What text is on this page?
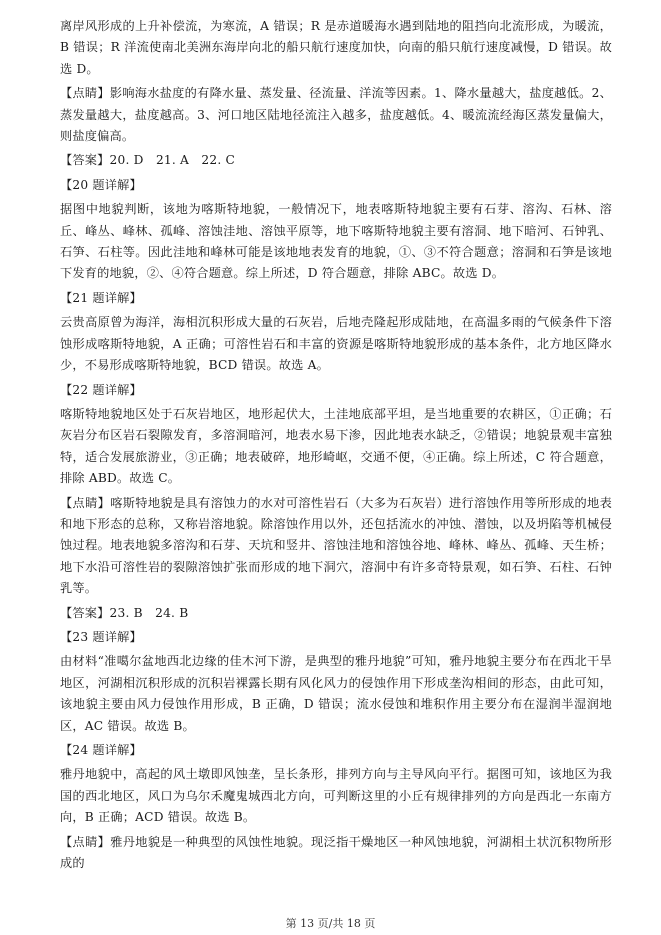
离岸风形成的上升补偿流，为寒流，A 错误；R 是赤道暖海水遇到陆地的阻挡向北流形成，为暖流，B 错误；R 洋流使南北美洲东海岸向北的船只航行速度加快，向南的船只航行速度减慢，D 错误。故选 D。

【点睛】影响海水盐度的有降水量、蒸发量、径流量、洋流等因素。1、降水量越大，盐度越低。2、蒸发量越大，盐度越高。3、河口地区陆地径流注入越多，盐度越低。4、暖流流经海区蒸发量偏大，则盐度偏高。

【答案】20. D　21. A　22. C

【20 题详解】

据图中地貌判断，该地为喀斯特地貌，一般情况下，地表喀斯特地貌主要有石芽、溶沟、石林、溶丘、峰丛、峰林、孤峰、溶蚀洼地、溶蚀平原等，地下喀斯特地貌主要有溶洞、地下暗河、石钟乳、石笋、石柱等。因此洼地和峰林可能是该地地表发育的地貌，①、③不符合题意；溶洞和石笋是该地下发育的地貌，②、④符合题意。综上所述，D 符合题意，排除 ABC。故选 D。

【21 题详解】

云贵高原曾为海洋，海相沉积形成大量的石灰岩，后地壳隆起形成陆地，在高温多雨的气候条件下溶蚀形成喀斯特地貌，A 正确；可溶性岩石和丰富的资源是喀斯特地貌形成的基本条件，北方地区降水少，不易形成喀斯特地貌，BCD 错误。故选 A。

【22 题详解】

喀斯特地貌地区处于石灰岩地区，地形起伏大，土洼地底部平坦，是当地重要的农耕区，①正确；石灰岩分布区岩石裂隙发育，多溶洞暗河，地表水易下渗，因此地表水缺乏，②错误；地貌景观丰富独特，适合发展旅游业，③正确；地表破碎，地形崎岖，交通不便，④正确。综上所述，C 符合题意，排除 ABD。故选 C。

【点睛】喀斯特地貌是具有溶蚀力的水对可溶性岩石（大多为石灰岩）进行溶蚀作用等所形成的地表和地下形态的总称，又称岩溶地貌。除溶蚀作用以外，还包括流水的冲蚀、潜蚀，以及坍陷等机械侵蚀过程。地表地貌多溶沟和石芽、天坑和竖井、溶蚀洼地和溶蚀谷地、峰林、峰丛、孤峰、天生桥；地下水沿可溶性岩的裂隙溶蚀扩张而形成的地下洞穴，溶洞中有许多奇特景观，如石笋、石柱、石钟乳等。

【答案】23. B　24. B

【23 题详解】

由材料“准噶尔盆地西北边缘的佳木河下游，是典型的雅丹地貌”可知，雅丹地貌主要分布在西北干旱地区，河湖相沉积形成的沉积岩裸露长期有风化风力的侵蚀作用下形成垄沟相间的形态，由此可知，该地貌主要由风力侵蚀作用形成，B 正确，D 错误；流水侵蚀和堆积作用主要分布在湿润半湿润地区，AC 错误。故选 B。

【24 题详解】

雅丹地貌中，高起的风土墩即风蚀垄，呈长条形，排列方向与主导风向平行。据图可知，该地区为我国的西北地区，风口为乌尔禾魔鬼城西北方向，可判断这里的小丘有规律排列的方向是西北一东南方向，B 正确；ACD 错误。故选 B。

【点睛】雅丹地貌是一种典型的风蚀性地貌。现泛指干燥地区一种风蚀地貌，河湖相土状沉积物所形成的

第 13 页/共 18 页
